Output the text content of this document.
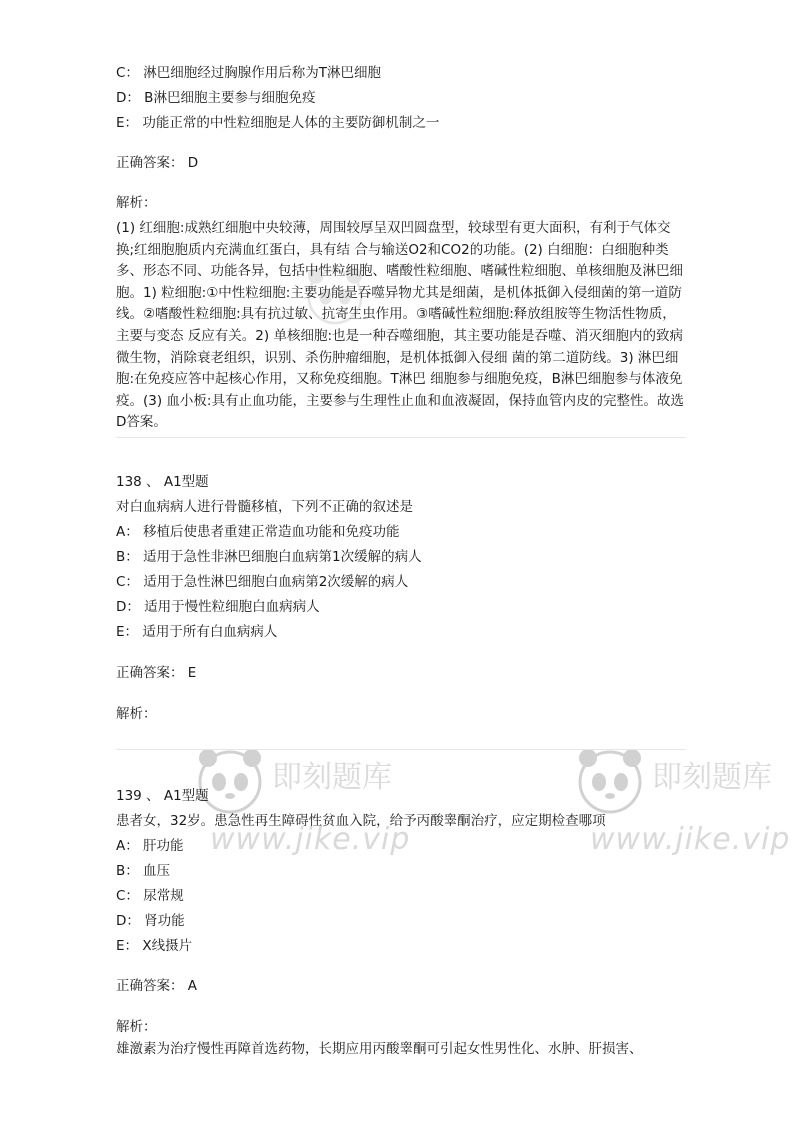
即刻题库
www.jike.vip
即刻题库
www.jike.vip
C： 淋巴细胞经过胸腺作用后称为T淋巴细胞
D： B淋巴细胞主要参与细胞免疫
E： 功能正常的中性粒细胞是人体的主要防御机制之一
正确答案： D
解析：
(1) 红细胞:成熟红细胞中央较薄，周围较厚呈双凹圆盘型，较球型有更大面积，有利于气体交换;红细胞胞质内充满血红蛋白，具有结 合与输送O2和CO2的功能。(2) 白细胞：白细胞种类多、形态不同、功能各异，包括中性粒细胞、嗜酸性粒细胞、嗜碱性粒细胞、单核细胞及淋巴细胞。1) 粒细胞:①中性粒细胞:主要功能是吞噬异物尤其是细菌，是机体抵御入侵细菌的第一道防线。②嗜酸性粒细胞:具有抗过敏、抗寄生虫作用。③嗜碱性粒细胞:释放组胺等生物活性物质，主要与变态 反应有关。2) 单核细胞:也是一种吞噬细胞，其主要功能是吞噬、消灭细胞内的致病微生物，消除衰老组织，识别、杀伤肿瘤细胞，是机体抵御入侵细 菌的第二道防线。3) 淋巴细胞:在免疫应答中起核心作用，又称免疫细胞。T淋巴 细胞参与细胞免疫，B淋巴细胞参与体液免疫。(3) 血小板:具有止血功能，主要参与生理性止血和血液凝固，保持血管内皮的完整性。故选D答案。
138 、 A1型题
对白血病病人进行骨髓移植，下列不正确的叙述是
A： 移植后使患者重建正常造血功能和免疫功能
B： 适用于急性非淋巴细胞白血病第1次缓解的病人
C： 适用于急性淋巴细胞白血病第2次缓解的病人
D： 适用于慢性粒细胞白血病病人
E： 适用于所有白血病病人
正确答案： E
解析：
139 、 A1型题
患者女，32岁。患急性再生障碍性贫血入院，给予丙酸睾酮治疗，应定期检查哪项
A： 肝功能
B： 血压
C： 尿常规
D： 肾功能
E： X线摄片
正确答案： A
解析：
雄激素为治疗慢性再障首选药物，长期应用丙酸睾酮可引起女性男性化、水肿、肝损害、
